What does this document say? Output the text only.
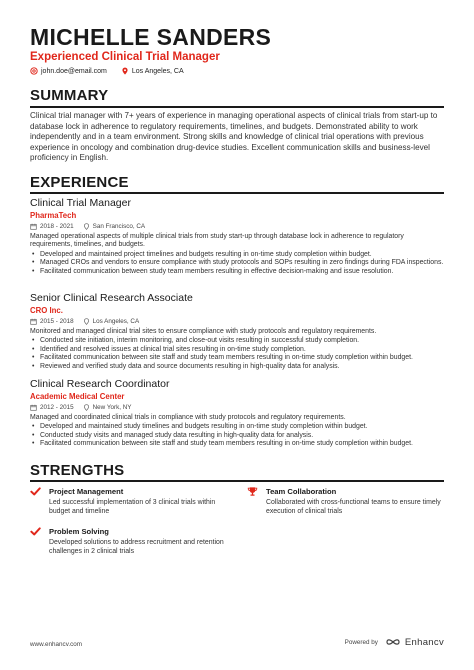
MICHELLE SANDERS
Experienced Clinical Trial Manager
john.doe@email.com	Los Angeles, CA
SUMMARY
Clinical trial manager with 7+ years of experience in managing operational aspects of clinical trials from start-up to database lock in adherence to regulatory requirements, timelines, and budgets. Demonstrated ability to work independently and in a team environment. Strong skills and knowledge of clinical trial operations with previous experience in oncology and combination drug-device studies. Excellent communication skills and business-level proficiency in English.
EXPERIENCE
Clinical Trial Manager
PharmaTech
2018 - 2021	San Francisco, CA
Managed operational aspects of multiple clinical trials from study start-up through database lock in adherence to regulatory requirements, timelines, and budgets.
• Developed and maintained project timelines and budgets resulting in on-time study completion within budget.
• Managed CROs and vendors to ensure compliance with study protocols and SOPs resulting in zero findings during FDA inspections.
• Facilitated communication between study team members resulting in effective decision-making and issue resolution.
Senior Clinical Research Associate
CRO Inc.
2015 - 2018	Los Angeles, CA
Monitored and managed clinical trial sites to ensure compliance with study protocols and regulatory requirements.
• Conducted site initiation, interim monitoring, and close-out visits resulting in successful study completion.
• Identified and resolved issues at clinical trial sites resulting in on-time study completion.
• Facilitated communication between site staff and study team members resulting in on-time study completion within budget.
• Reviewed and verified study data and source documents resulting in high-quality data for analysis.
Clinical Research Coordinator
Academic Medical Center
2012 - 2015	New York, NY
Managed and coordinated clinical trials in compliance with study protocols and regulatory requirements.
• Developed and maintained study timelines and budgets resulting in on-time study completion within budget.
• Conducted study visits and managed study data resulting in high-quality data for analysis.
• Facilitated communication between site staff and study team members resulting in on-time study completion within budget.
STRENGTHS
Project Management
Led successful implementation of 3 clinical trials within budget and timeline
Team Collaboration
Collaborated with cross-functional teams to ensure timely execution of clinical trials
Problem Solving
Developed solutions to address recruitment and retention challenges in 2 clinical trials
www.enhancv.com	Powered by	Enhancv
